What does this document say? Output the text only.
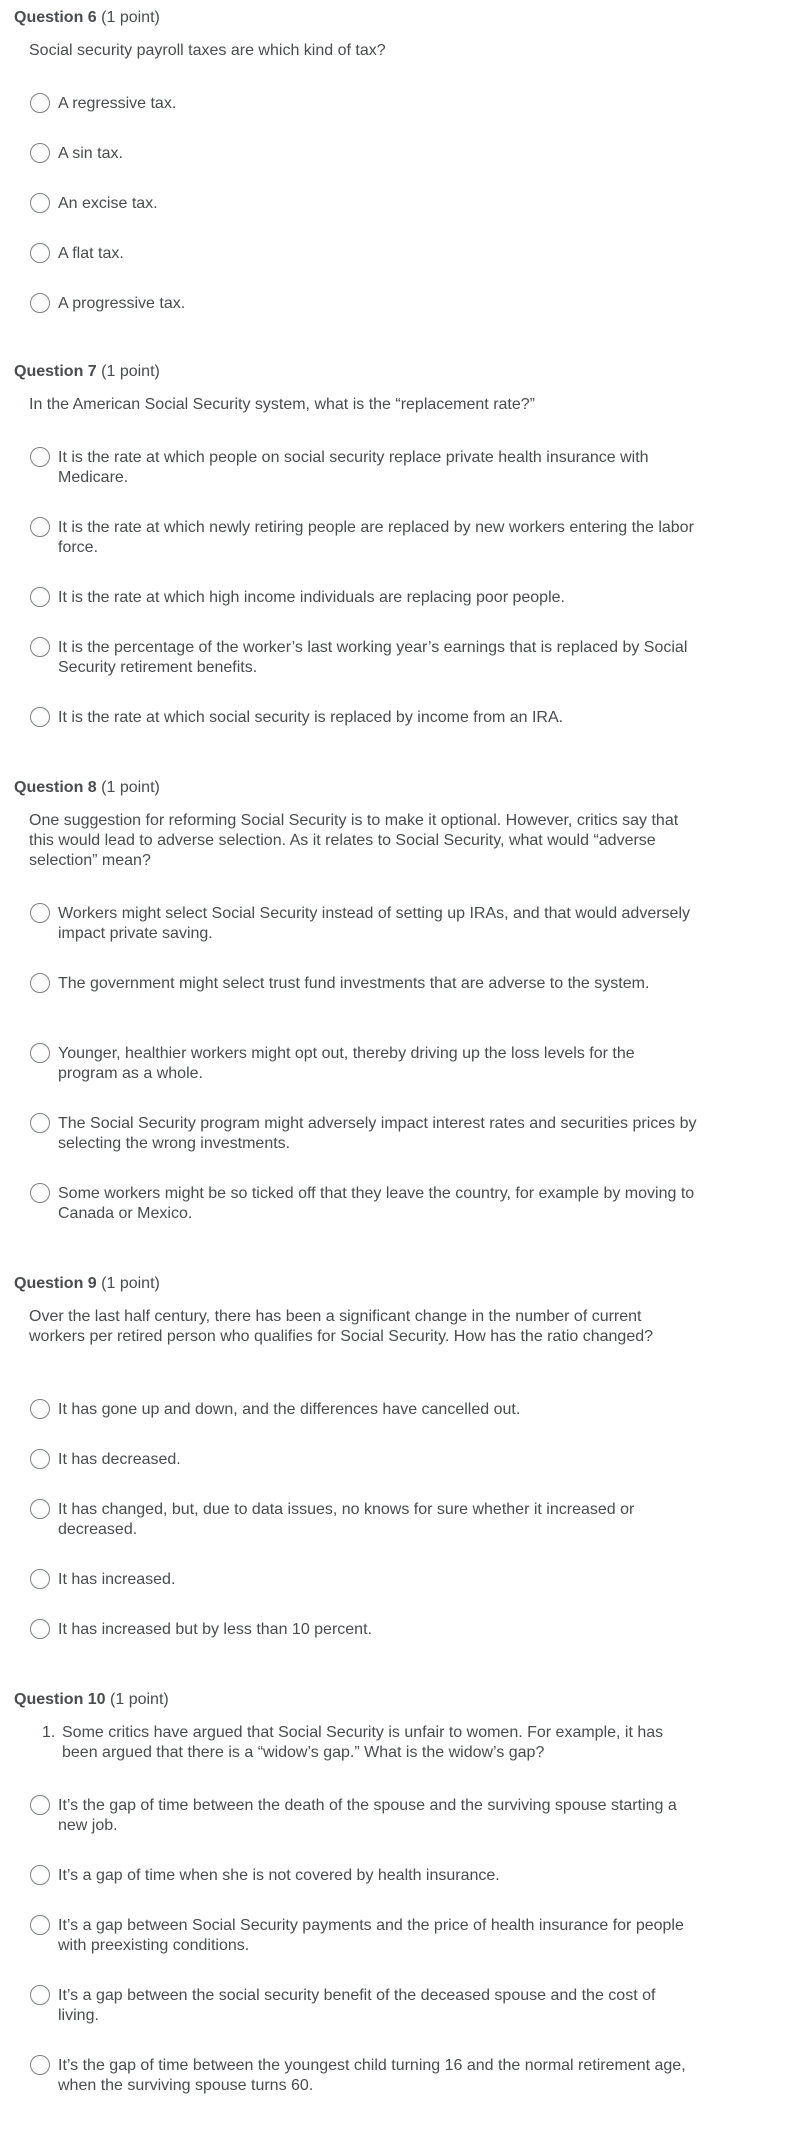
Question 6 (1 point)
Social security payroll taxes are which kind of tax?
A regressive tax.
A sin tax.
An excise tax.
A flat tax.
A progressive tax.
Question 7 (1 point)
In the American Social Security system, what is the “replacement rate?”
It is the rate at which people on social security replace private health insurance with Medicare.
It is the rate at which newly retiring people are replaced by new workers entering the labor force.
It is the rate at which high income individuals are replacing poor people.
It is the percentage of the worker’s last working year’s earnings that is replaced by Social Security retirement benefits.
It is the rate at which social security is replaced by income from an IRA.
Question 8 (1 point)
One suggestion for reforming Social Security is to make it optional. However, critics say that this would lead to adverse selection. As it relates to Social Security, what would “adverse selection” mean?
Workers might select Social Security instead of setting up IRAs, and that would adversely impact private saving.
The government might select trust fund investments that are adverse to the system.
Younger, healthier workers might opt out, thereby driving up the loss levels for the program as a whole.
The Social Security program might adversely impact interest rates and securities prices by selecting the wrong investments.
Some workers might be so ticked off that they leave the country, for example by moving to Canada or Mexico.
Question 9 (1 point)
Over the last half century, there has been a significant change in the number of current workers per retired person who qualifies for Social Security. How has the ratio changed?
It has gone up and down, and the differences have cancelled out.
It has decreased.
It has changed, but, due to data issues, no knows for sure whether it increased or decreased.
It has increased.
It has increased but by less than 10 percent.
Question 10 (1 point)
1. Some critics have argued that Social Security is unfair to women. For example, it has been argued that there is a “widow’s gap.” What is the widow’s gap?
It’s the gap of time between the death of the spouse and the surviving spouse starting a new job.
It’s a gap of time when she is not covered by health insurance.
It’s a gap between Social Security payments and the price of health insurance for people with preexisting conditions.
It’s a gap between the social security benefit of the deceased spouse and the cost of living.
It’s the gap of time between the youngest child turning 16 and the normal retirement age, when the surviving spouse turns 60.
